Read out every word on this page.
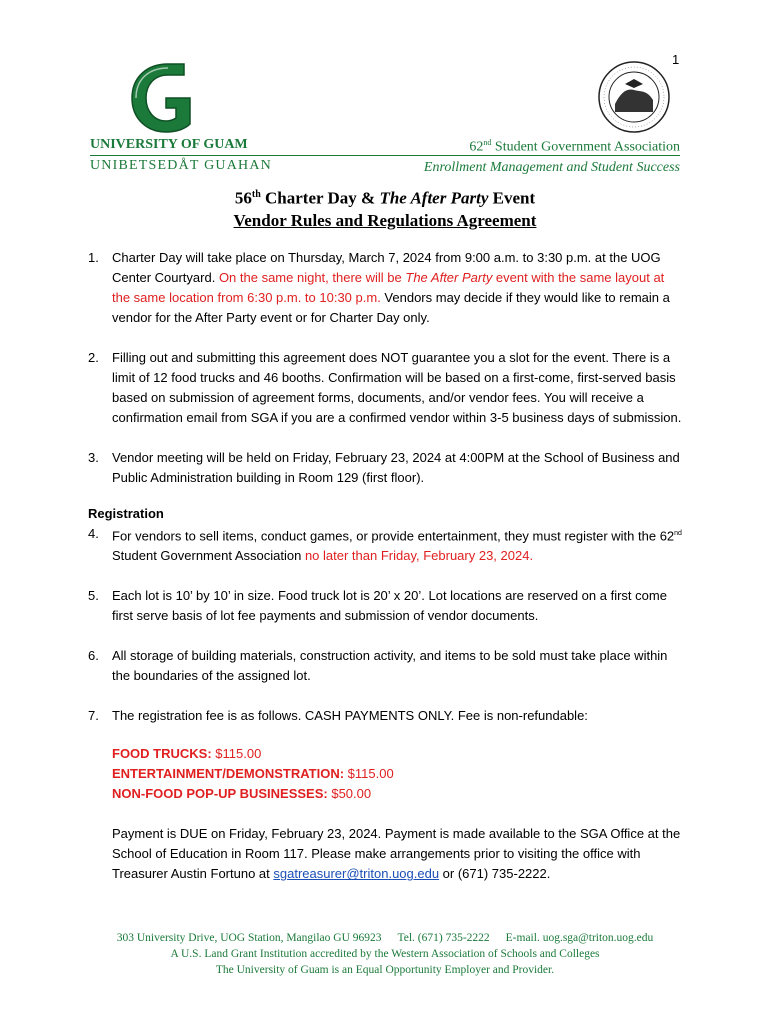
1
UNIVERSITY OF GUAM
UNIBETSEDÅT GUAHAN
62nd Student Government Association
Enrollment Management and Student Success
56th Charter Day & The After Party Event
Vendor Rules and Regulations Agreement
1.	Charter Day will take place on Thursday, March 7, 2024 from 9:00 a.m. to 3:30 p.m. at the UOG Center Courtyard. On the same night, there will be The After Party event with the same layout at the same location from 6:30 p.m. to 10:30 p.m. Vendors may decide if they would like to remain a vendor for the After Party event or for Charter Day only.
2.	Filling out and submitting this agreement does NOT guarantee you a slot for the event. There is a limit of 12 food trucks and 46 booths. Confirmation will be based on a first-come, first-served basis based on submission of agreement forms, documents, and/or vendor fees. You will receive a confirmation email from SGA if you are a confirmed vendor within 3-5 business days of submission.
3.	Vendor meeting will be held on Friday, February 23, 2024 at 4:00PM at the School of Business and Public Administration building in Room 129 (first floor).
Registration
4.	For vendors to sell items, conduct games, or provide entertainment, they must register with the 62nd Student Government Association no later than Friday, February 23, 2024.
5.	Each lot is 10’ by 10’ in size. Food truck lot is 20’ x 20’. Lot locations are reserved on a first come first serve basis of lot fee payments and submission of vendor documents.
6.	All storage of building materials, construction activity, and items to be sold must take place within the boundaries of the assigned lot.
7.	The registration fee is as follows. CASH PAYMENTS ONLY. Fee is non-refundable:
FOOD TRUCKS: $115.00
ENTERTAINMENT/DEMONSTRATION: $115.00
NON-FOOD POP-UP BUSINESSES: $50.00
Payment is DUE on Friday, February 23, 2024. Payment is made available to the SGA Office at the School of Education in Room 117. Please make arrangements prior to visiting the office with Treasurer Austin Fortuno at sgatreasurer@triton.uog.edu or (671) 735-2222.
303 University Drive, UOG Station, Mangilao GU 96923 Tel. (671) 735-2222 E-mail. uog.sga@triton.uog.edu
A U.S. Land Grant Institution accredited by the Western Association of Schools and Colleges
The University of Guam is an Equal Opportunity Employer and Provider.
